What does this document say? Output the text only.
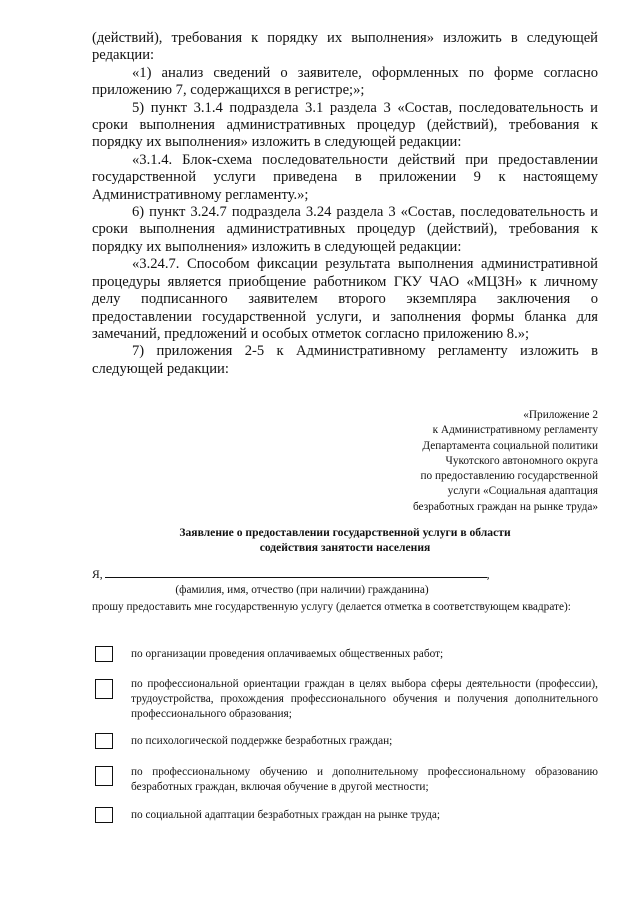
(действий), требования к порядку их выполнения» изложить в следующей редакции:

«1) анализ сведений о заявителе, оформленных по форме согласно приложению 7, содержащихся в регистре;»;

5) пункт 3.1.4 подраздела 3.1 раздела 3 «Состав, последовательность и сроки выполнения административных процедур (действий), требования к порядку их выполнения» изложить в следующей редакции:

«3.1.4. Блок-схема последовательности действий при предоставлении государственной услуги приведена в приложении 9 к настоящему Административному регламенту.»;

6) пункт 3.24.7 подраздела 3.24 раздела 3 «Состав, последовательность и сроки выполнения административных процедур (действий), требования к порядку их выполнения» изложить в следующей редакции:

«3.24.7. Способом фиксации результата выполнения административной процедуры является приобщение работником ГКУ ЧАО «МЦЗН» к личному делу подписанного заявителем второго экземпляра заключения о предоставлении государственной услуги, и заполнения формы бланка для замечаний, предложений и особых отметок согласно приложению 8.»;

7) приложения 2-5 к Административному регламенту изложить в следующей редакции:

«Приложение 2
к Административному регламенту
Департамента социальной политики
Чукотского автономного округа
по предоставлению государственной
услуги «Социальная адаптация
безработных граждан на рынке труда»
Заявление о предоставлении государственной услуги в области
содействия занятости населения
Я,	,
(фамилия, имя, отчество (при наличии) гражданина)
прошу предоставить мне государственную услугу (делается отметка в соответствующем квадрате):
по организации проведения оплачиваемых общественных работ;
по профессиональной ориентации граждан в целях выбора сферы деятельности (профессии), трудоустройства, прохождения профессионального обучения и получения дополнительного профессионального образования;
по психологической поддержке безработных граждан;
по профессиональному обучению и дополнительному профессиональному образованию безработных граждан, включая обучение в другой местности;
по социальной адаптации безработных граждан на рынке труда;
